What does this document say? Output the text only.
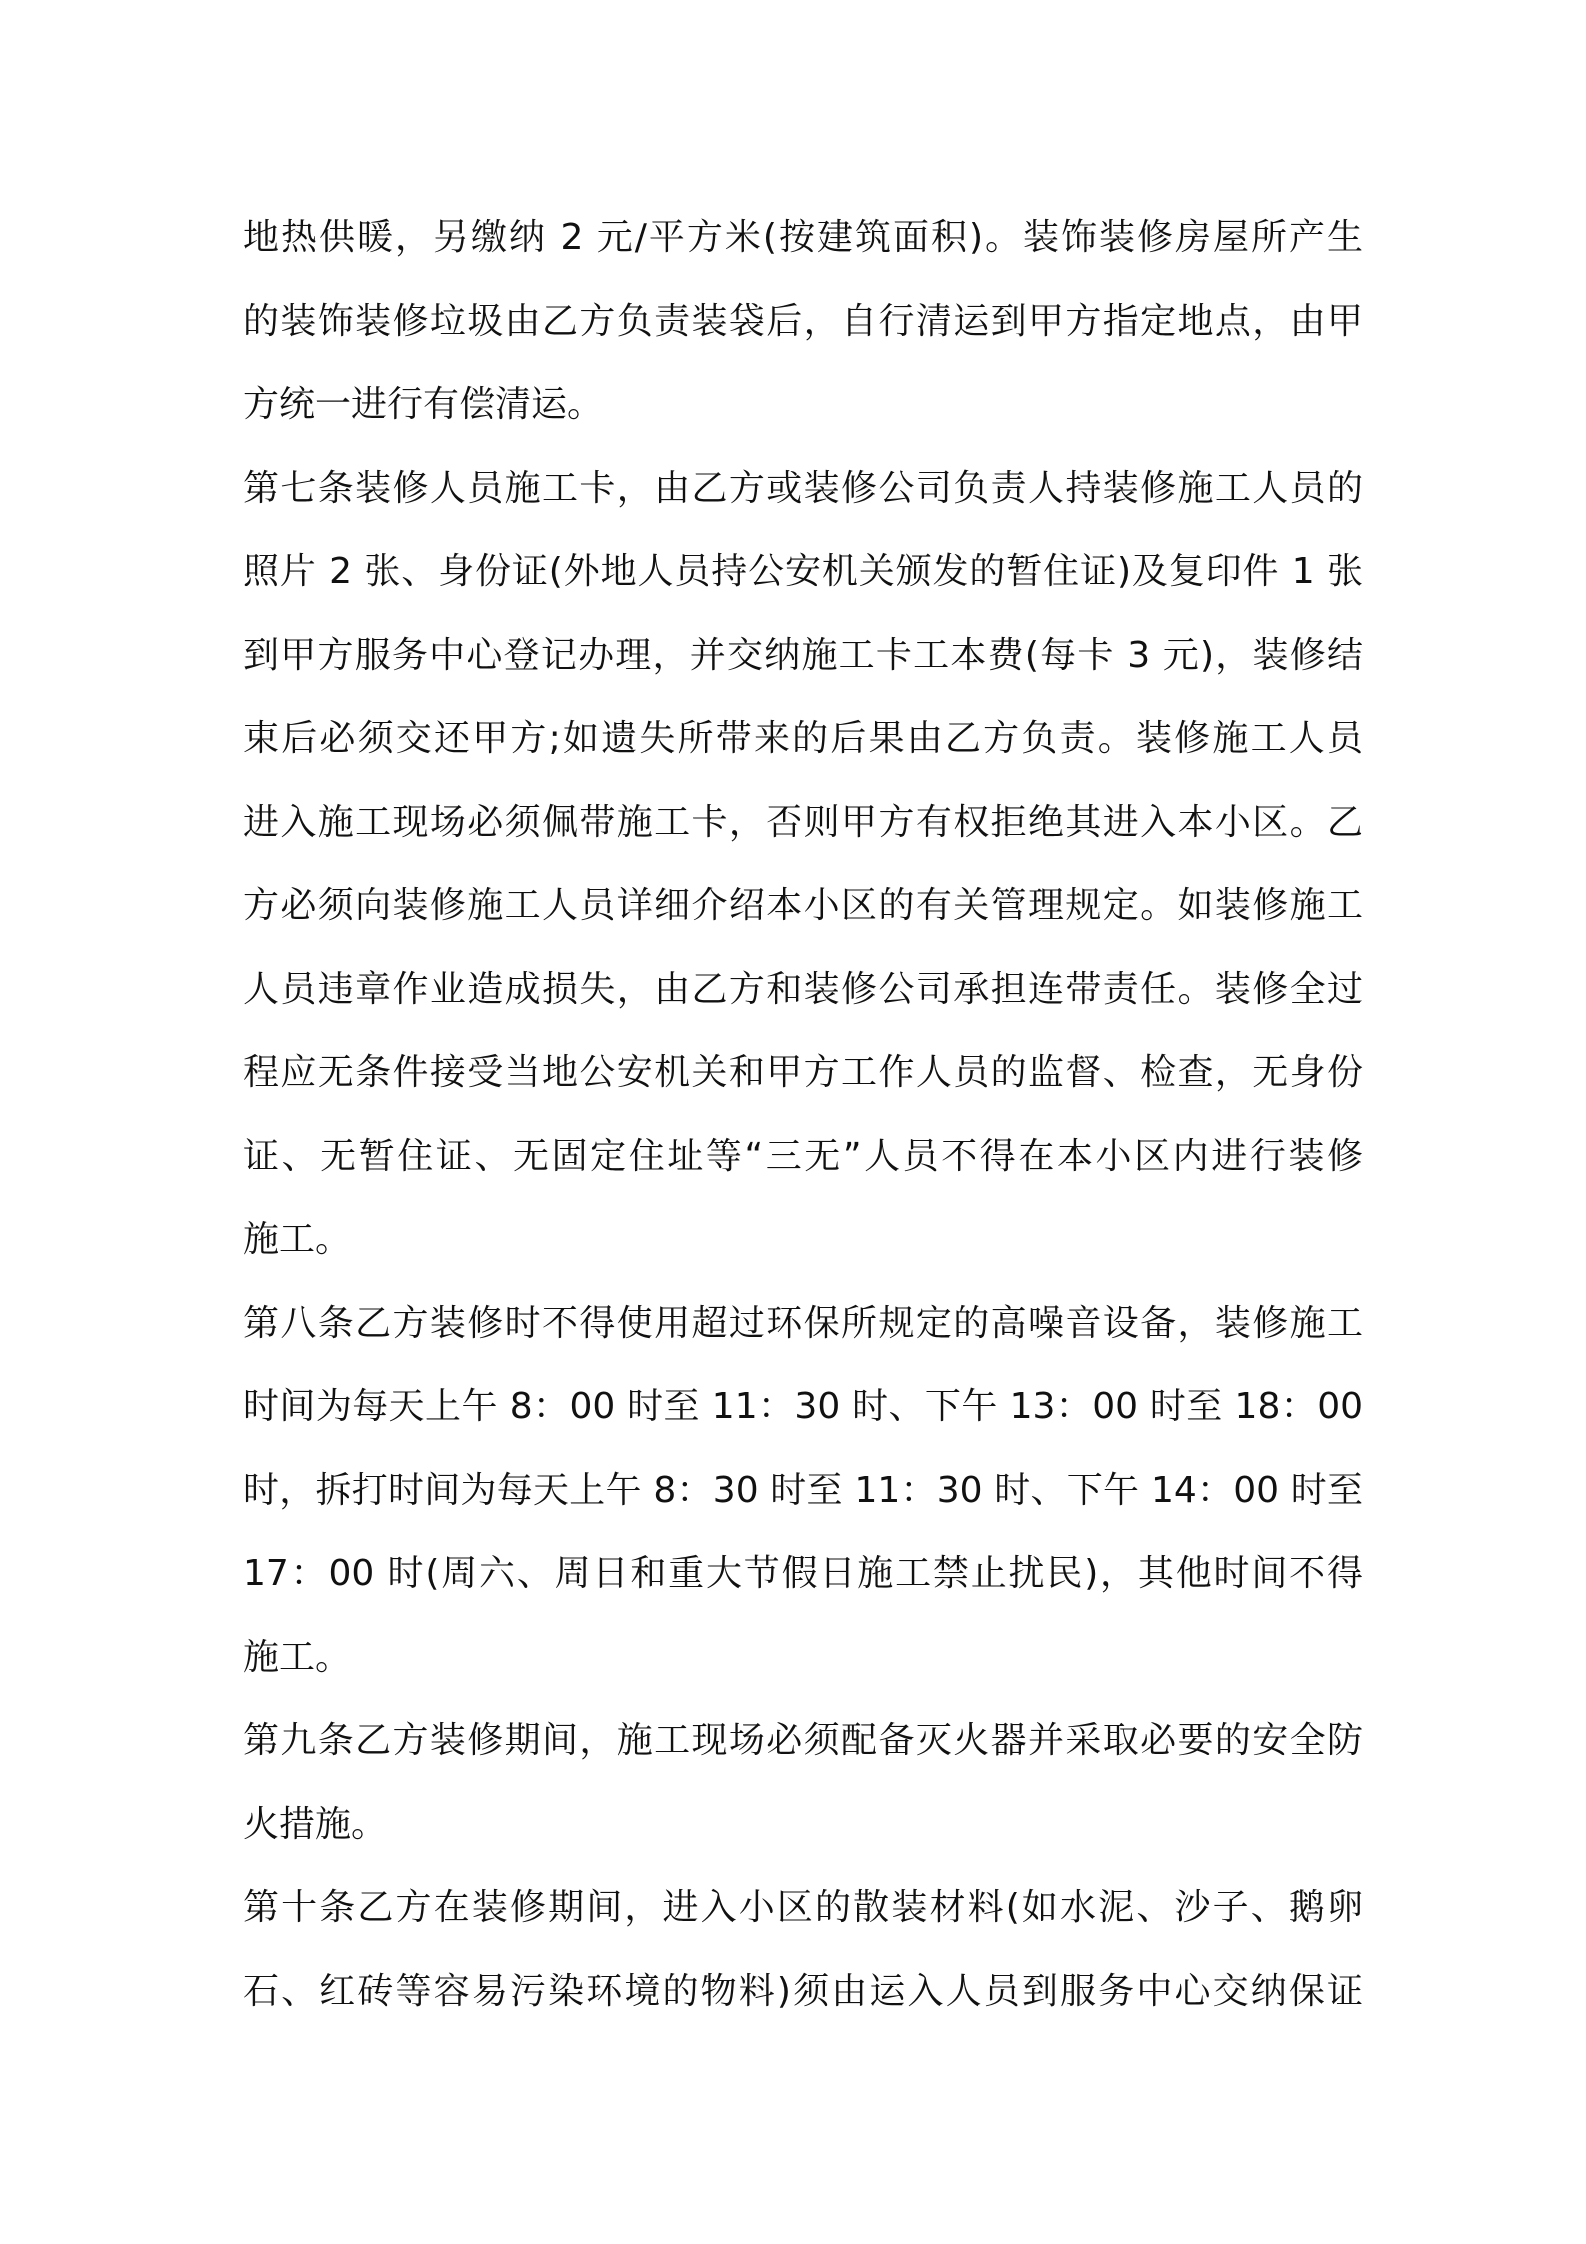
地热供暖，另缴纳 2 元/平方米(按建筑面积)。装饰装修房屋所产生
的装饰装修垃圾由乙方负责装袋后，自行清运到甲方指定地点，由甲
方统一进行有偿清运。
第七条装修人员施工卡，由乙方或装修公司负责人持装修施工人员的
照片 2 张、身份证(外地人员持公安机关颁发的暂住证)及复印件 1 张
到甲方服务中心登记办理，并交纳施工卡工本费(每卡 3 元)，装修结
束后必须交还甲方;如遗失所带来的后果由乙方负责。装修施工人员
进入施工现场必须佩带施工卡，否则甲方有权拒绝其进入本小区。乙
方必须向装修施工人员详细介绍本小区的有关管理规定。如装修施工
人员违章作业造成损失，由乙方和装修公司承担连带责任。装修全过
程应无条件接受当地公安机关和甲方工作人员的监督、检查，无身份
证、无暂住证、无固定住址等“三无”人员不得在本小区内进行装修
施工。
第八条乙方装修时不得使用超过环保所规定的高噪音设备，装修施工
时间为每天上午 8：00 时至 11：30 时、下午 13：00 时至 18：00
时，拆打时间为每天上午 8：30 时至 11：30 时、下午 14：00 时至
17：00 时(周六、周日和重大节假日施工禁止扰民)，其他时间不得
施工。
第九条乙方装修期间，施工现场必须配备灭火器并采取必要的安全防
火措施。
第十条乙方在装修期间，进入小区的散装材料(如水泥、沙子、鹅卵
石、红砖等容易污染环境的物料)须由运入人员到服务中心交纳保证
